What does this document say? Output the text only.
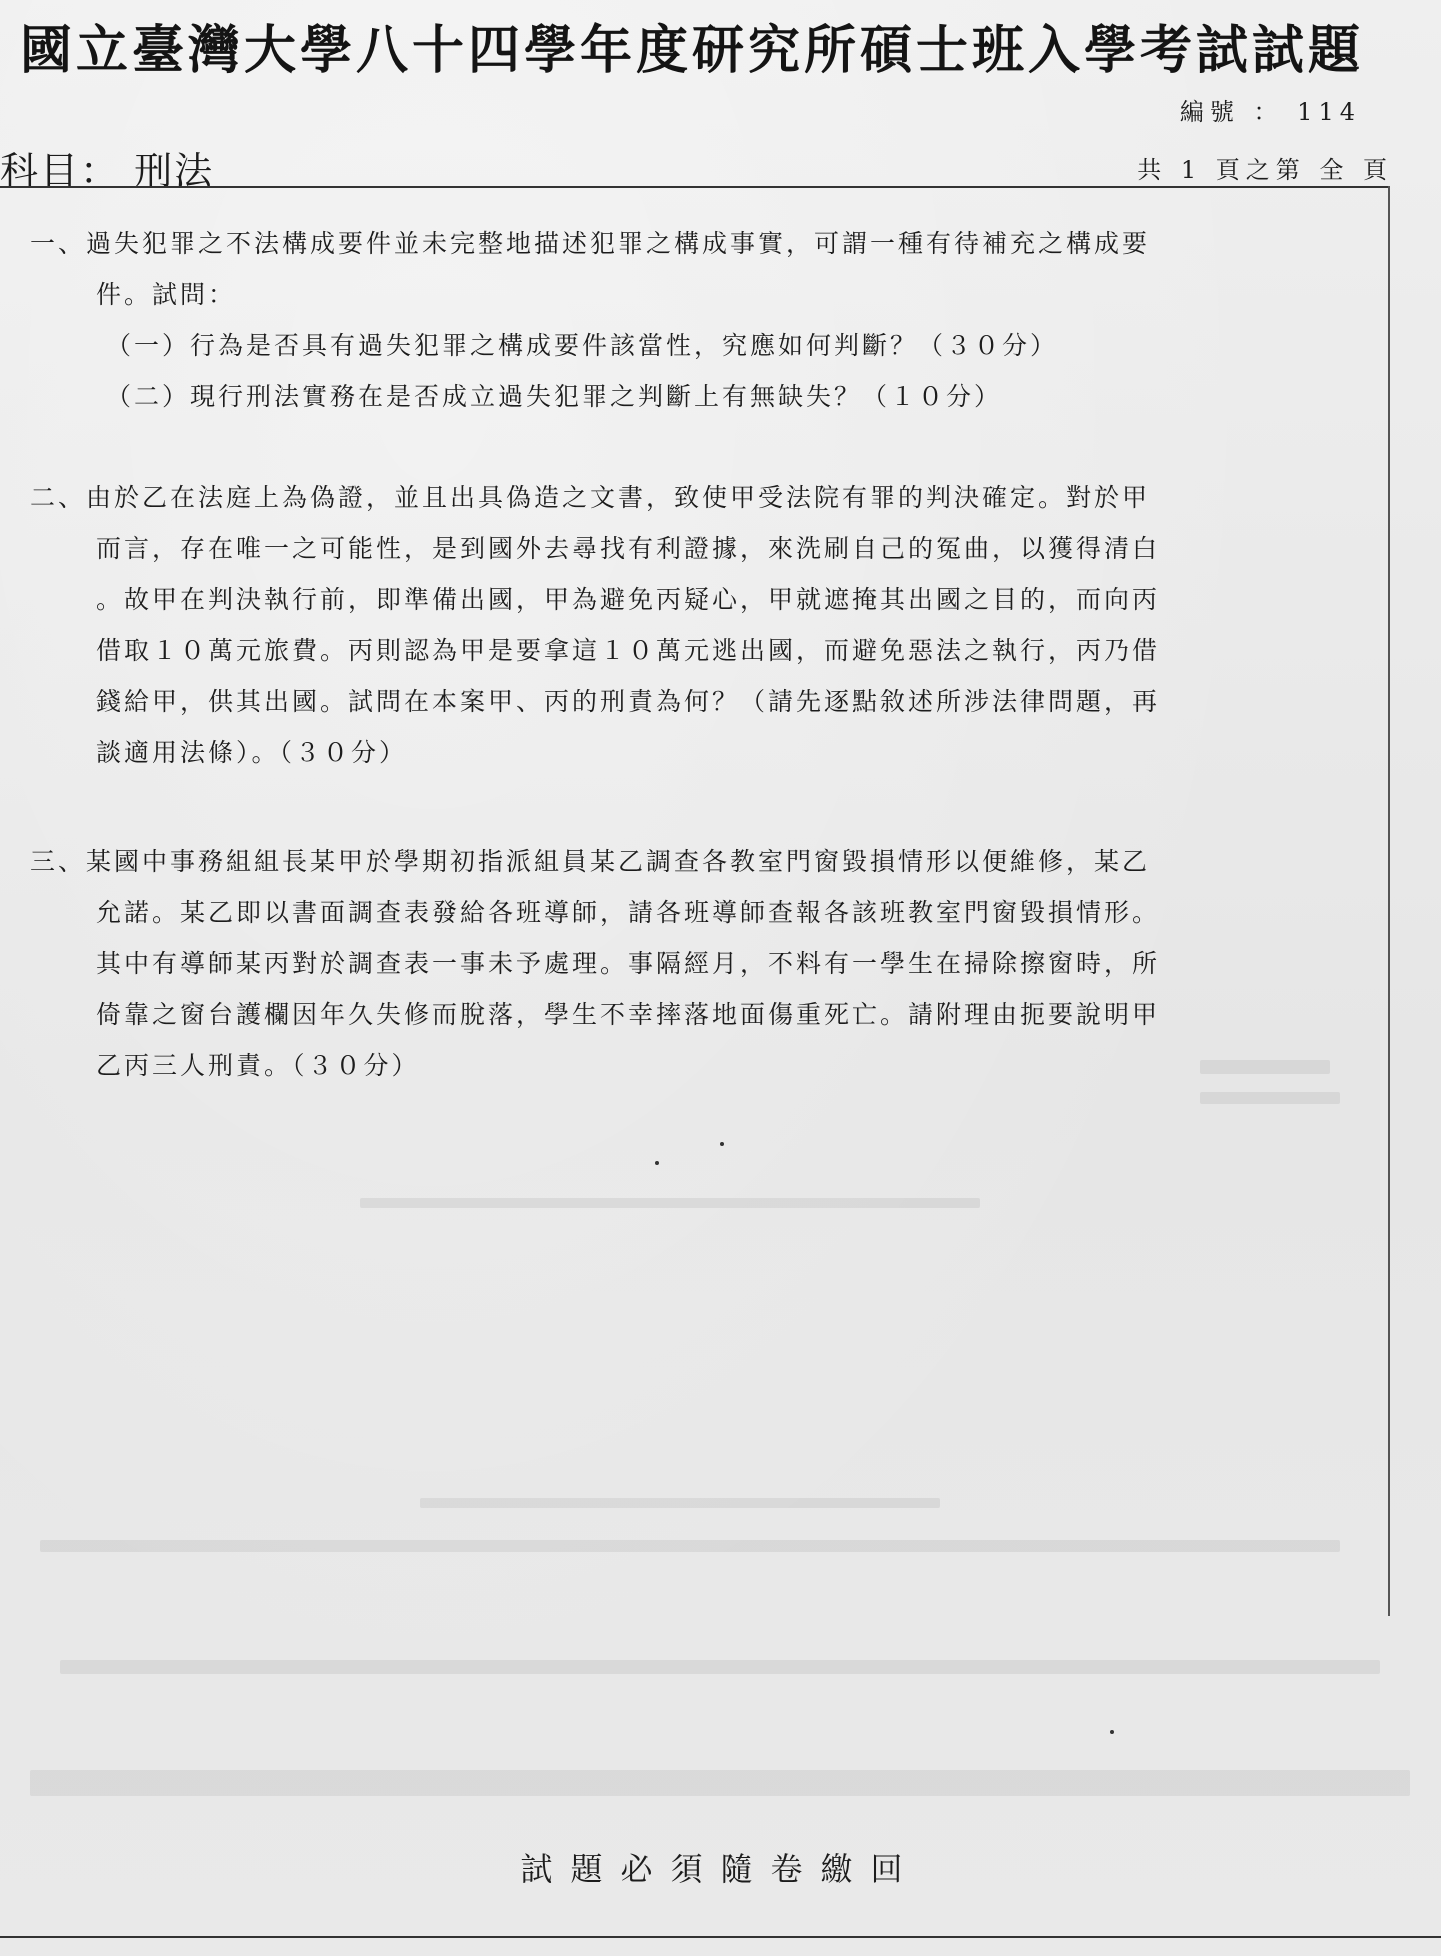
國立臺灣大學八十四學年度研究所碩士班入學考試試題
編號 ： 114
科目： 刑法	共 1 頁之第 全 頁
一、過失犯罪之不法構成要件並未完整地描述犯罪之構成事實，可謂一種有待補充之構成要
件。試問：
（一）行為是否具有過失犯罪之構成要件該當性，究應如何判斷？（３０分）
（二）現行刑法實務在是否成立過失犯罪之判斷上有無缺失？（１０分）
二、由於乙在法庭上為偽證，並且出具偽造之文書，致使甲受法院有罪的判決確定。對於甲
而言，存在唯一之可能性，是到國外去尋找有利證據，來洗刷自己的冤曲，以獲得清白
。故甲在判決執行前，即準備出國，甲為避免丙疑心，甲就遮掩其出國之目的，而向丙
借取１０萬元旅費。丙則認為甲是要拿這１０萬元逃出國，而避免惡法之執行，丙乃借
錢給甲，供其出國。試問在本案甲、丙的刑責為何？（請先逐點敘述所涉法律問題，再
談適用法條）。（３０分）
三、某國中事務組組長某甲於學期初指派組員某乙調查各教室門窗毀損情形以便維修，某乙
允諾。某乙即以書面調查表發給各班導師，請各班導師查報各該班教室門窗毀損情形。
其中有導師某丙對於調查表一事未予處理。事隔經月，不料有一學生在掃除擦窗時，所
倚靠之窗台護欄因年久失修而脫落，學生不幸摔落地面傷重死亡。請附理由扼要說明甲
乙丙三人刑責。（３０分）
試題必須隨卷繳回
